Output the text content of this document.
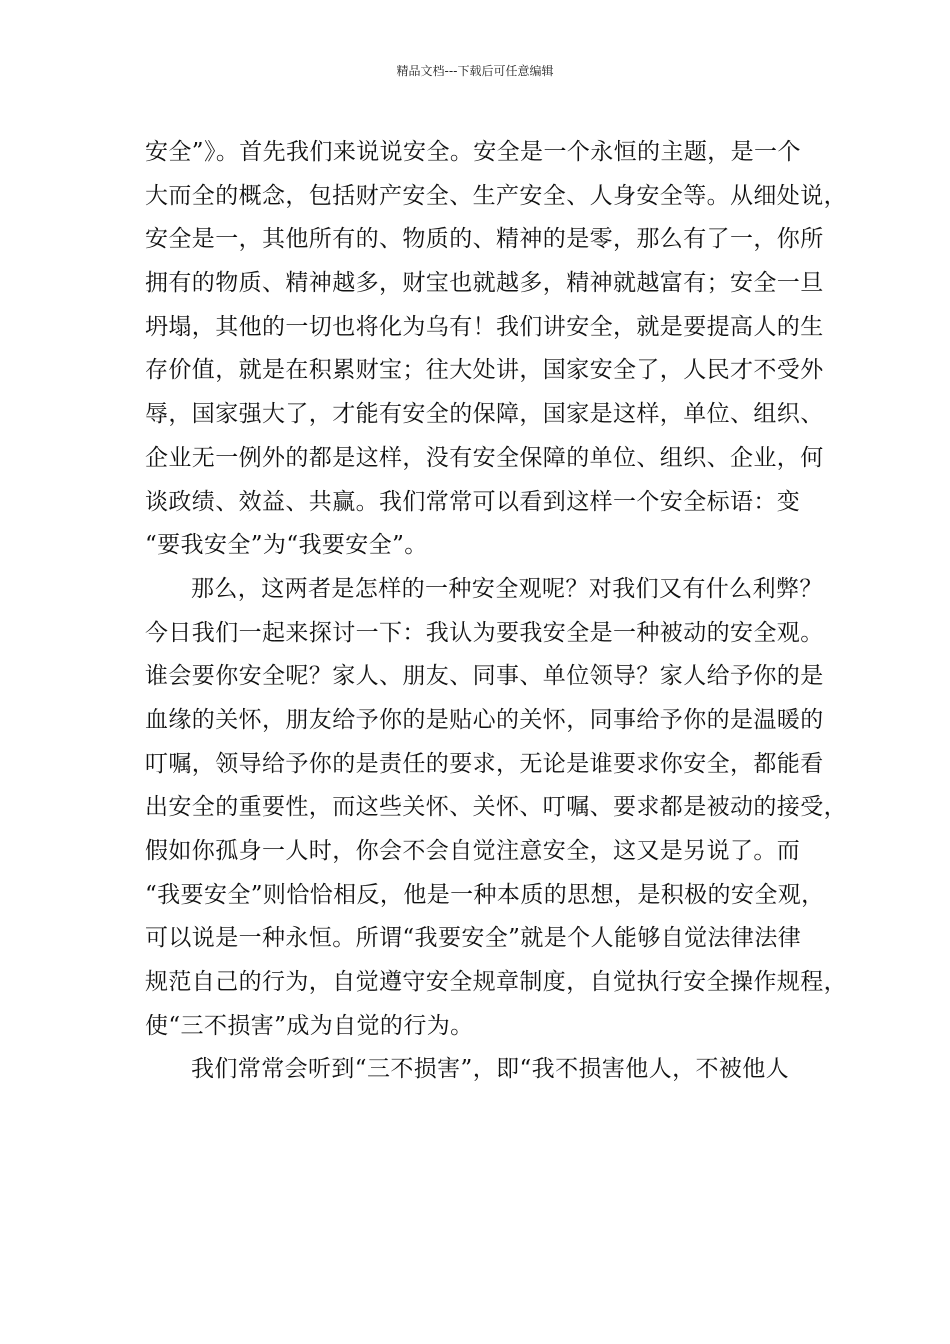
精品文档---下载后可任意编辑
安全”》。首先我们来说说安全。安全是一个永恒的主题，是一个
大而全的概念，包括财产安全、生产安全、人身安全等。从细处说，
安全是一，其他所有的、物质的、精神的是零，那么有了一，你所
拥有的物质、精神越多，财宝也就越多，精神就越富有；安全一旦
坍塌，其他的一切也将化为乌有！我们讲安全，就是要提高人的生
存价值，就是在积累财宝；往大处讲，国家安全了，人民才不受外
辱，国家强大了，才能有安全的保障，国家是这样，单位、组织、
企业无一例外的都是这样，没有安全保障的单位、组织、企业，何
谈政绩、效益、共赢。我们常常可以看到这样一个安全标语：变
“要我安全”为“我要安全”。
那么，这两者是怎样的一种安全观呢？对我们又有什么利弊？
今日我们一起来探讨一下：我认为要我安全是一种被动的安全观。
谁会要你安全呢？家人、朋友、同事、单位领导？家人给予你的是
血缘的关怀，朋友给予你的是贴心的关怀，同事给予你的是温暖的
叮嘱，领导给予你的是责任的要求，无论是谁要求你安全，都能看
出安全的重要性，而这些关怀、关怀、叮嘱、要求都是被动的接受，
假如你孤身一人时，你会不会自觉注意安全，这又是另说了。而
“我要安全”则恰恰相反，他是一种本质的思想，是积极的安全观，
可以说是一种永恒。所谓“我要安全”就是个人能够自觉法律法律
规范自己的行为，自觉遵守安全规章制度，自觉执行安全操作规程，
使“三不损害”成为自觉的行为。
我们常常会听到“三不损害”，即“我不损害他人，不被他人
